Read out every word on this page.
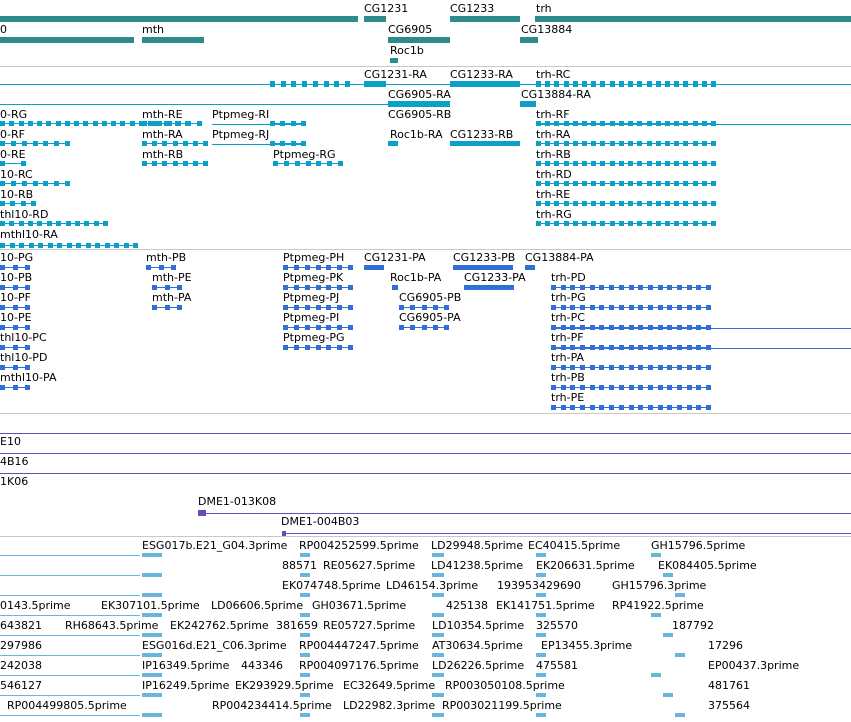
0	mth
CG1231	CG1233	trh
CG6905	CG13884
Roc1b
CG1231-RA CG1233-RA trh-RC
CG6905-RA	CG13884-RA
0-RG	mth-RE	Ptpmeg-RI	CG6905-RB	trh-RF
0-RF	mth-RA	Ptpmeg-RJ	Roc1b-RA CG1233-RB trh-RA
0-RE	mth-RB	Ptpmeg-RG	trh-RB
10-RC	trh-RD
10-RB	trh-RE
thl10-RD	trh-RG
mthl10-RA
10-PG	mth-PB	Ptpmeg-PH CG1231-PA CG1233-PB CG13884-PA
10-PB	mth-PE	Ptpmeg-PK	Roc1b-PA CG1233-PA trh-PD
10-PF	mth-PA	Ptpmeg-PJ	CG6905-PB	trh-PG
10-PE	Ptpmeg-PI	CG6905-PA	trh-PC
thl10-PC	Ptpmeg-PG	trh-PF
thl10-PD	trh-PA
mthl10-PA	trh-PB
trh-PE
E10
4B16
1K06
DME1-013K08
DME1-004B03
ESG017b.E21_G04.3prime RP004252599.5prime LD29948.5prime EC40415.5prime	GH15796.5prime
88571 RE05627.5prime LD41238.5prime EK206631.5prime EK084405.5prime
EK074748.5prime LD46154.3prime 193953429690	GH15796.3prime
0143.5prime	EK307101.5prime LD06606.5prime GH03671.5prime	425138 EK141751.5prime RP41922.5prime
643821 RH68643.5prime EK242762.5prime 381659 RE05727.5prime LD10354.5prime 325570	187792
297986	ESG016d.E21_C06.3prime RP004447247.5prime AT30634.5prime EP13455.3prime	17296
242038	IP16349.5prime 443346 RP004097176.5prime LD26226.5prime 475581	EP00437.3prime
546127	IP16249.5prime EK293929.5prime EC32649.5prime RP003050108.5prime	481761
RP004499805.5prime	RP004234414.5prime LD22982.3prime RP003021199.5prime	375564
